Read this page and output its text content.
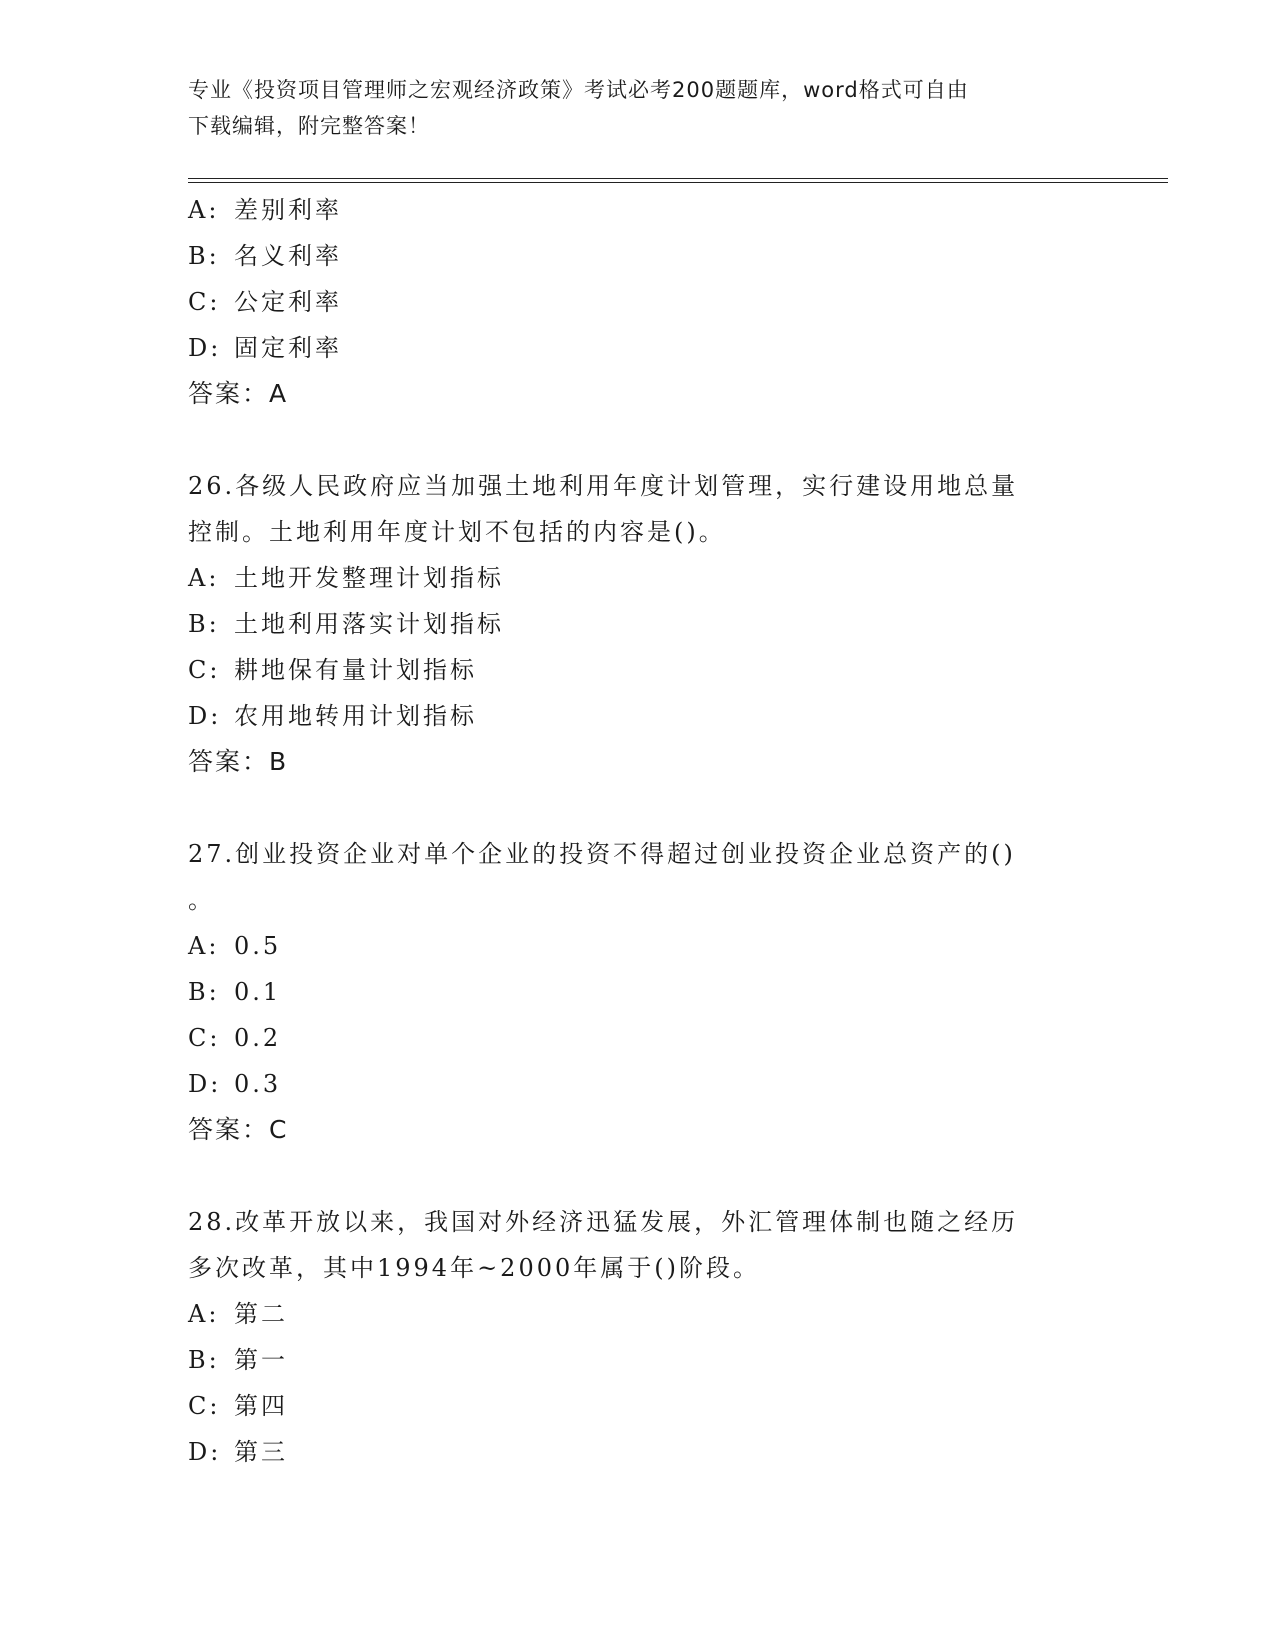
专业《投资项目管理师之宏观经济政策》考试必考200题题库，word格式可自由
下载编辑，附完整答案！

A: 差别利率

B: 名义利率

C: 公定利率

D: 固定利率

答案：A

26.各级人民政府应当加强土地利用年度计划管理，实行建设用地总量
控制。土地利用年度计划不包括的内容是()。

A: 土地开发整理计划指标

B: 土地利用落实计划指标

C: 耕地保有量计划指标

D: 农用地转用计划指标

答案：B

27.创业投资企业对单个企业的投资不得超过创业投资企业总资产的()
。

A: 0.5

B: 0.1

C: 0.2

D: 0.3

答案：C

28.改革开放以来，我国对外经济迅猛发展，外汇管理体制也随之经历
多次改革，其中1994年~2000年属于()阶段。

A: 第二

B: 第一

C: 第四

D: 第三
